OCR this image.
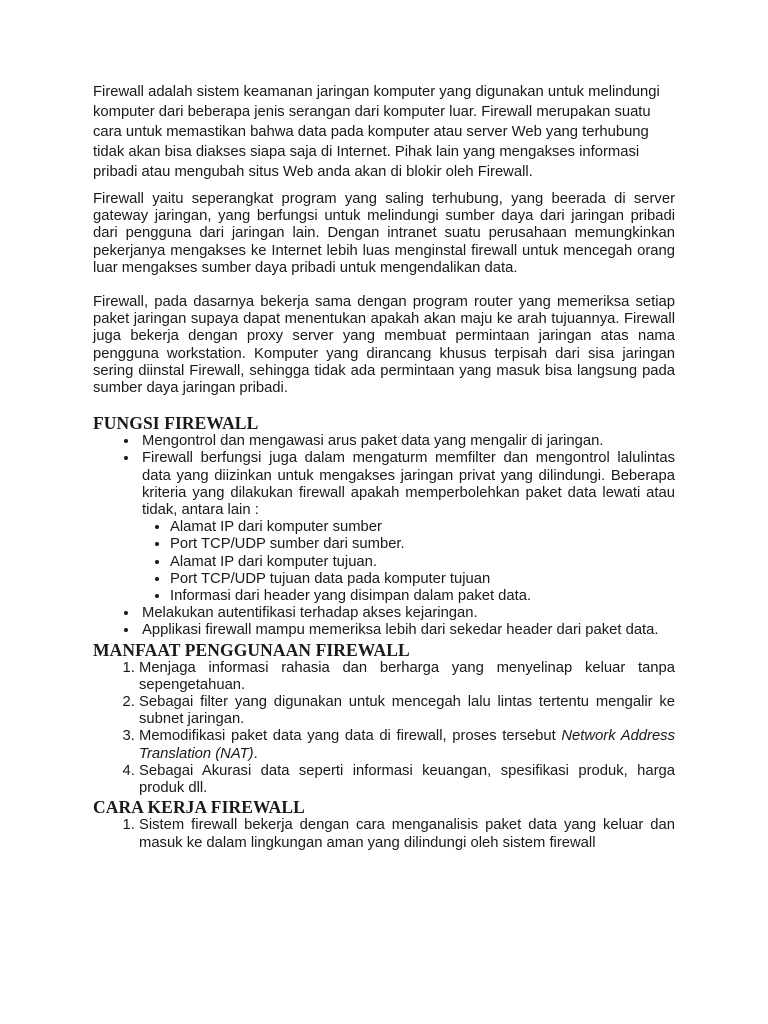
Firewall adalah sistem keamanan jaringan komputer yang digunakan untuk melindungi komputer dari beberapa jenis serangan dari komputer luar. Firewall merupakan suatu cara untuk memastikan bahwa data pada komputer atau server Web yang terhubung tidak akan bisa diakses siapa saja di Internet. Pihak lain yang mengakses informasi pribadi atau mengubah situs Web anda akan di blokir oleh Firewall.

Firewall yaitu seperangkat program yang saling terhubung, yang beerada di server gateway jaringan, yang berfungsi untuk melindungi sumber daya dari jaringan pribadi dari pengguna dari jaringan lain. Dengan intranet suatu perusahaan memungkinkan pekerjanya mengakses ke Internet lebih luas menginstal firewall untuk mencegah orang luar mengakses sumber daya pribadi untuk mengendalikan data.

Firewall, pada dasarnya bekerja sama dengan program router yang memeriksa setiap paket jaringan supaya dapat menentukan apakah akan maju ke arah tujuannya. Firewall juga bekerja dengan proxy server yang membuat permintaan jaringan atas nama pengguna workstation. Komputer yang dirancang khusus terpisah dari sisa jaringan sering diinstal Firewall, sehingga tidak ada permintaan yang masuk bisa langsung pada sumber daya jaringan pribadi.

FUNGSI FIREWALL
• Mengontrol dan mengawasi arus paket data yang mengalir di jaringan.
• Firewall berfungsi juga dalam mengaturm memfilter dan mengontrol lalulintas data yang diizinkan untuk mengakses jaringan privat yang dilindungi. Beberapa kriteria yang dilakukan firewall apakah memperbolehkan paket data lewati atau tidak, antara lain :
• Alamat IP dari komputer sumber
• Port TCP/UDP sumber dari sumber.
• Alamat IP dari komputer tujuan.
• Port TCP/UDP tujuan data pada komputer tujuan
• Informasi dari header yang disimpan dalam paket data.
• Melakukan autentifikasi terhadap akses kejaringan.
• Applikasi firewall mampu memeriksa lebih dari sekedar header dari paket data.
MANFAAT PENGGUNAAN FIREWALL
1. Menjaga informasi rahasia dan berharga yang menyelinap keluar tanpa sepengetahuan.
2. Sebagai filter yang digunakan untuk mencegah lalu lintas tertentu mengalir ke subnet jaringan.
3. Memodifikasi paket data yang data di firewall, proses tersebut Network Address Translation (NAT).
4. Sebagai Akurasi data seperti informasi keuangan, spesifikasi produk, harga produk dll.
CARA KERJA FIREWALL
1. Sistem firewall bekerja dengan cara menganalisis paket data yang keluar dan masuk ke dalam lingkungan aman yang dilindungi oleh sistem firewall
